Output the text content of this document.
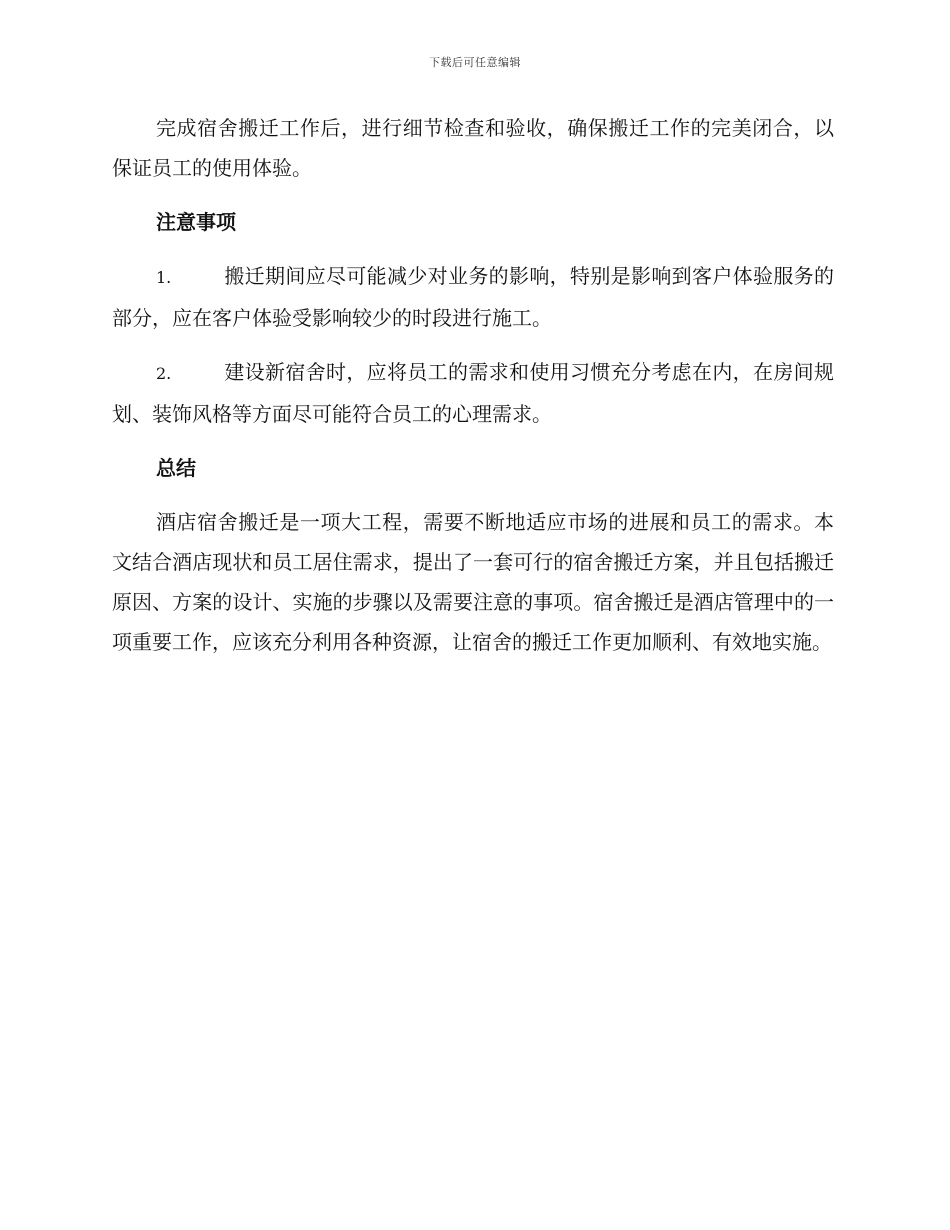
下载后可任意编辑

完成宿舍搬迁工作后，进行细节检查和验收，确保搬迁工作的完美闭合，以保证员工的使用体验。

注意事项
1.	搬迁期间应尽可能减少对业务的影响，特别是影响到客户体验服务的部分，应在客户体验受影响较少的时段进行施工。
2.	建设新宿舍时，应将员工的需求和使用习惯充分考虑在内，在房间规划、装饰风格等方面尽可能符合员工的心理需求。
总结

酒店宿舍搬迁是一项大工程，需要不断地适应市场的进展和员工的需求。本文结合酒店现状和员工居住需求，提出了一套可行的宿舍搬迁方案，并且包括搬迁原因、方案的设计、实施的步骤以及需要注意的事项。宿舍搬迁是酒店管理中的一项重要工作，应该充分利用各种资源，让宿舍的搬迁工作更加顺利、有效地实施。
